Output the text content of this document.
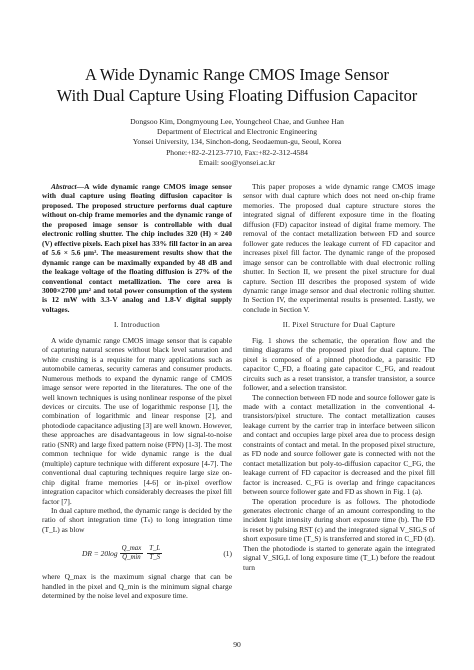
A Wide Dynamic Range CMOS Image Sensor
With Dual Capture Using Floating Diffusion Capacitor
Dongsoo Kim, Dongmyoung Lee, Youngcheol Chae, and Gunhee Han
Department of Electrical and Electronic Engineering
Yonsei University, 134, Sinchon-dong, Seodaemun-gu, Seoul, Korea
Phone:+82-2-2123-7710, Fax:+82-2-312-4584
Email: soo@yonsei.ac.kr

Abstract—A wide dynamic range CMOS image sensor with dual capture using floating diffusion capacitor is proposed. The proposed structure performs dual capture without on-chip frame memories and the dynamic range of the proposed image sensor is controllable with dual electronic rolling shutter. The chip includes 320 (H) × 240 (V) effective pixels. Each pixel has 33% fill factor in an area of 5.6 × 5.6 μm². The measurement results show that the dynamic range can be maximally expanded by 48 dB and the leakage voltage of the floating diffusion is 27% of the conventional contact metallization. The core area is 3000×2700 μm² and total power consumption of the system is 12 mW with 3.3-V analog and 1.8-V digital supply voltages.

I. Introduction

A wide dynamic range CMOS image sensor that is capable of capturing natural scenes without black level saturation and white crushing is a requisite for many applications such as automobile cameras, security cameras and consumer products. Numerous methods to expand the dynamic range of CMOS image sensor were reported in the literatures. The one of the well known techniques is using nonlinear response of the pixel devices or circuits. The use of logarithmic response [1], the combination of logarithmic and linear response [2], and photodiode capacitance adjusting [3] are well known. However, these approaches are disadvantageous in low signal-to-noise ratio (SNR) and large fixed pattern noise (FPN) [1-3]. The most common technique for wide dynamic range is the dual (multiple) capture technique with different exposure [4-7]. The conventional dual capturing techniques require large size on-chip digital frame memories [4-6] or in-pixel overflow integration capacitor which considerably decreases the pixel fill factor [7].

In dual capture method, the dynamic range is decided by the ratio of short integration time (Tₛ) to long integration time (T_L) as blow

DR = $20\log \frac{Q\_\max}{Q\_\min} \frac{T\_L}{T\_S}$	(1)

where Q_max is the maximum signal charge that can be handled in the pixel and Q_min is the minimum signal charge determined by the noise level and exposure time.

This paper proposes a wide dynamic range CMOS image sensor with dual capture which does not need on-chip frame memories. The proposed dual capture structure stores the integrated signal of different exposure time in the floating diffusion (FD) capacitor instead of digital frame memory. The removal of the contact metallization between FD and source follower gate reduces the leakage current of FD capacitor and increases pixel fill factor. The dynamic range of the proposed image sensor can be controllable with dual electronic rolling shutter. In Section II, we present the pixel structure for dual capture. Section III describes the proposed system of wide dynamic range image sensor and dual electronic rolling shutter. In Section IV, the experimental results is presented. Lastly, we conclude in Section V.

II. Pixel Structure for Dual Capture

Fig. 1 shows the schematic, the operation flow and the timing diagrams of the proposed pixel for dual capture. The pixel is composed of a pinned photodiode, a parasitic FD capacitor C_FD, a floating gate capacitor C_FG, and readout circuits such as a reset transistor, a transfer transistor, a source follower, and a selection transistor.

The connection between FD node and source follower gate is made with a contact metallization in the conventional 4-transistors/pixel structure. The contact metallization causes leakage current by the carrier trap in interface between silicon and contact and occupies large pixel area due to process design constraints of contact and metal. In the proposed pixel structure, as FD node and source follower gate is connected with not the contact metallization but poly-to-diffusion capacitor C_FG, the leakage current of FD capacitor is decreased and the pixel fill factor is increased. C_FG is overlap and fringe capacitances between source follower gate and FD as shown in Fig. 1 (a).

The operation procedure is as follows. The photodiode generates electronic charge of an amount corresponding to the incident light intensity during short exposure time (b). The FD is reset by pulsing RST (c) and the integrated signal V_SIG,S of short exposure time (T_S) is transferred and stored in C_FD (d). Then the photodiode is started to generate again the integrated signal V_SIG,L of long exposure time (T_L) before the readout turn

90
